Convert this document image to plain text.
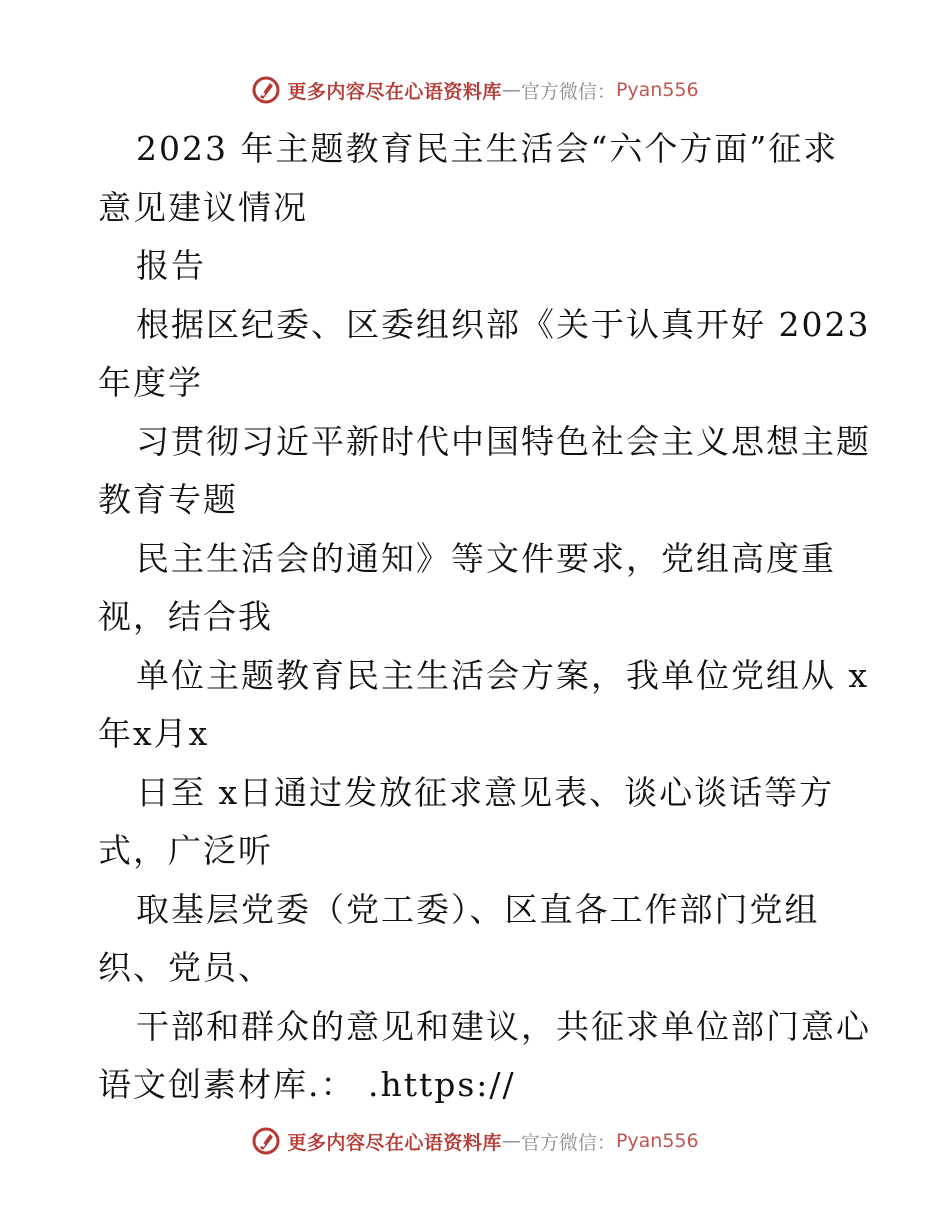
更多内容尽在心语资料库 — 官方微信： Pyan556

2023 年主题教育民主生活会“六个方面”征求

意见建议情况

报告

根据区纪委、区委组织部《关于认真开好 2023

年度学

习贯彻习近平新时代中国特色社会主义思想主题

教育专题

民主生活会的通知》等文件要求，党组高度重

视，结合我

单位主题教育民主生活会方案，我单位党组从 x

年x月x

日至 x日通过发放征求意见表、谈心谈话等方

式，广泛听

取基层党委（党工委）、区直各工作部门党组

织、党员、

干部和群众的意见和建议，共征求单位部门意心

语文创素材库.： .https://

更多内容尽在心语资料库 — 官方微信： Pyan556
